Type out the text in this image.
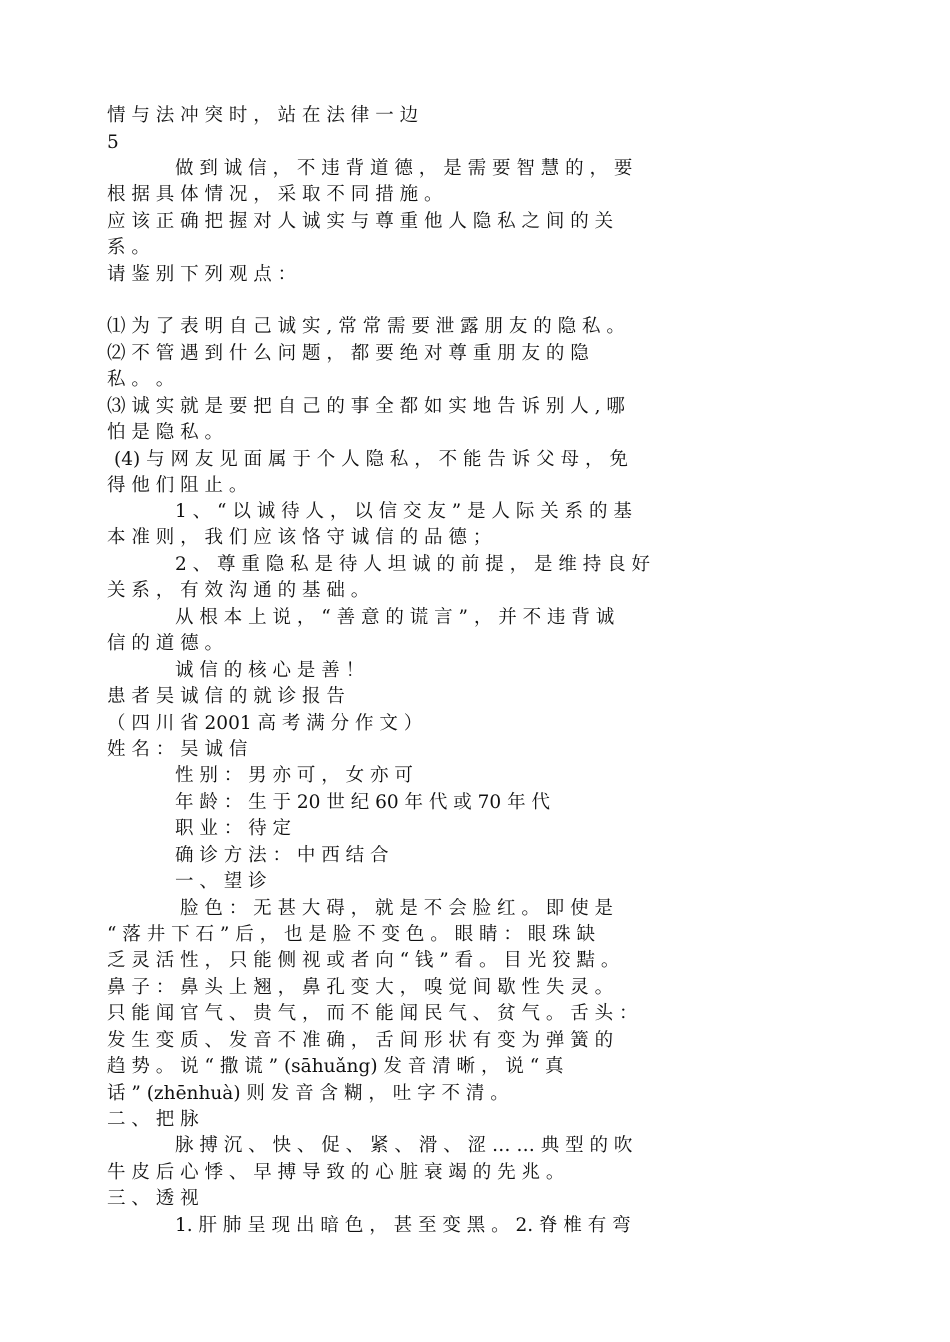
情 与 法 冲 突 时 ， 站 在 法 律 一 边
5
做 到 诚 信 ， 不 违 背 道 德 ， 是 需 要 智 慧 的 ， 要
根 据 具 体 情 况 ， 采 取 不 同 措 施 。
应 该 正 确 把 握 对 人 诚 实 与 尊 重 他 人 隐 私 之 间 的 关
系 。
请 鉴 别 下 列 观 点 ：
⑴ 为 了 表 明 自 己 诚 实 , 常 常 需 要 泄 露 朋 友 的 隐 私 。
⑵ 不 管 遇 到 什 么 问 题 ， 都 要 绝 对 尊 重 朋 友 的 隐
私 。 。
⑶ 诚 实 就 是 要 把 自 己 的 事 全 都 如 实 地 告 诉 别 人 , 哪
怕 是 隐 私 。
(4) 与 网 友 见 面 属 于 个 人 隐 私 ， 不 能 告 诉 父 母 ， 免
得 他 们 阻 止 。
1 、 “ 以 诚 待 人 ， 以 信 交 友 ” 是 人 际 关 系 的 基
本 准 则 ， 我 们 应 该 恪 守 诚 信 的 品 德 ；
2 、 尊 重 隐 私 是 待 人 坦 诚 的 前 提 ， 是 维 持 良 好
关 系 ， 有 效 沟 通 的 基 础 。
从 根 本 上 说 ， “ 善 意 的 谎 言 ” ， 并 不 违 背 诚
信 的 道 德 。
诚 信 的 核 心 是 善 ！
患 者 吴 诚 信 的 就 诊 报 告
（ 四 川 省 2001 高 考 满 分 作 文 ）
姓 名 ： 吴 诚 信
性 别 ： 男 亦 可 ， 女 亦 可
年 龄 ： 生 于 20 世 纪 60 年 代 或 70 年 代
职 业 ： 待 定
确 诊 方 法 ： 中 西 结 合
一 、 望 诊
脸 色 ： 无 甚 大 碍 ， 就 是 不 会 脸 红 。 即 使 是
“ 落 井 下 石 ” 后 ， 也 是 脸 不 变 色 。 眼 睛 ： 眼 珠 缺
乏 灵 活 性 ， 只 能 侧 视 或 者 向 “ 钱 ” 看 。 目 光 狡 黠 。
鼻 子 ： 鼻 头 上 翘 ， 鼻 孔 变 大 ， 嗅 觉 间 歇 性 失 灵 。
只 能 闻 官 气 、 贵 气 ， 而 不 能 闻 民 气 、 贫 气 。 舌 头 ：
发 生 变 质 、 发 音 不 准 确 ， 舌 间 形 状 有 变 为 弹 簧 的
趋 势 。 说 “ 撒 谎 ” (sāhuǎng) 发 音 清 晰 ， 说 “ 真
话 ” (zhēnhuà) 则 发 音 含 糊 ， 吐 字 不 清 。
二 、 把 脉
脉 搏 沉 、 快 、 促 、 紧 、 滑 、 涩 … … 典 型 的 吹
牛 皮 后 心 悸 、 早 搏 导 致 的 心 脏 衰 竭 的 先 兆 。
三 、 透 视
1. 肝 肺 呈 现 出 暗 色 ， 甚 至 变 黑 。 2. 脊 椎 有 弯
